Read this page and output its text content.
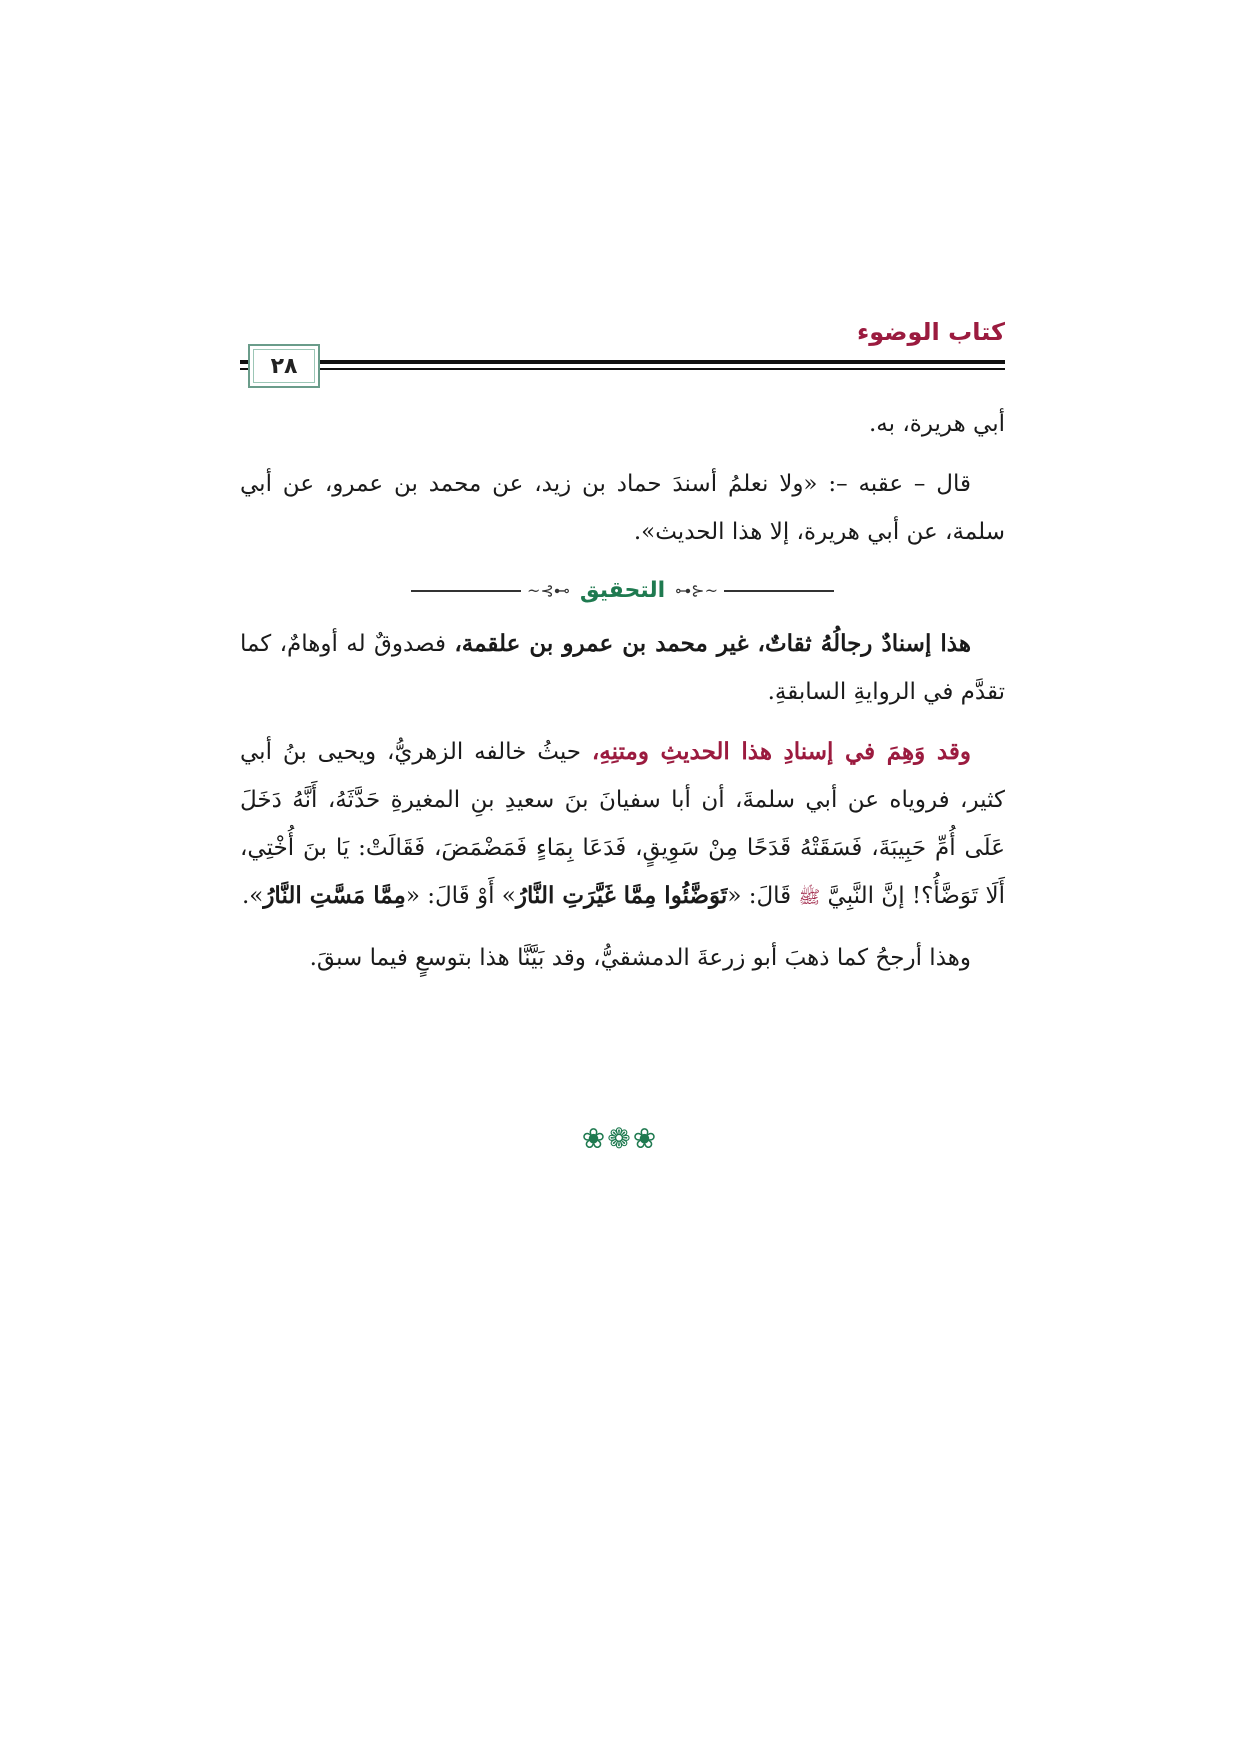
كتاب الوضوء
٢٨

أبي هريرة، به.

قال – عقبه –: «ولا نعلمُ أسندَ حماد بن زيد، عن محمد بن عمرو، عن أبي سلمة، عن أبي هريرة، إلا هذا الحديث».

~⊰⊷
التحقيق
⊶⊱~

هذا إسنادٌ رجالُهُ ثقاتٌ، غير محمد بن عمرو بن علقمة، فصدوقٌ له أوهامٌ، كما تقدَّم في الروايةِ السابقةِ.

وقد وَهِمَ في إسنادِ هذا الحديثِ ومتنِهِ، حيثُ خالفه الزهريُّ، ويحيى بنُ أبي كثير، فروياه عن أبي سلمةَ، أن أبا سفيانَ بنَ سعيدِ بنِ المغيرةِ حَدَّثَهُ، أَنَّهُ دَخَلَ عَلَى أُمِّ حَبِيبَةَ، فَسَقَتْهُ قَدَحًا مِنْ سَوِيقٍ، فَدَعَا بِمَاءٍ فَمَضْمَضَ، فَقَالَتْ: يَا بنَ أُخْتِي، أَلَا تَوَضَّأُ؟! إنَّ النَّبِيَّ ﷺ قَالَ: «تَوَضَّئُوا مِمَّا غَيَّرَتِ النَّارُ» أَوْ قَالَ: «مِمَّا مَسَّتِ النَّارُ».

وهذا أرجحُ كما ذهبَ أبو زرعةَ الدمشقيُّ، وقد بَيَّنَّا هذا بتوسعٍ فيما سبقَ.

❀❁❀
